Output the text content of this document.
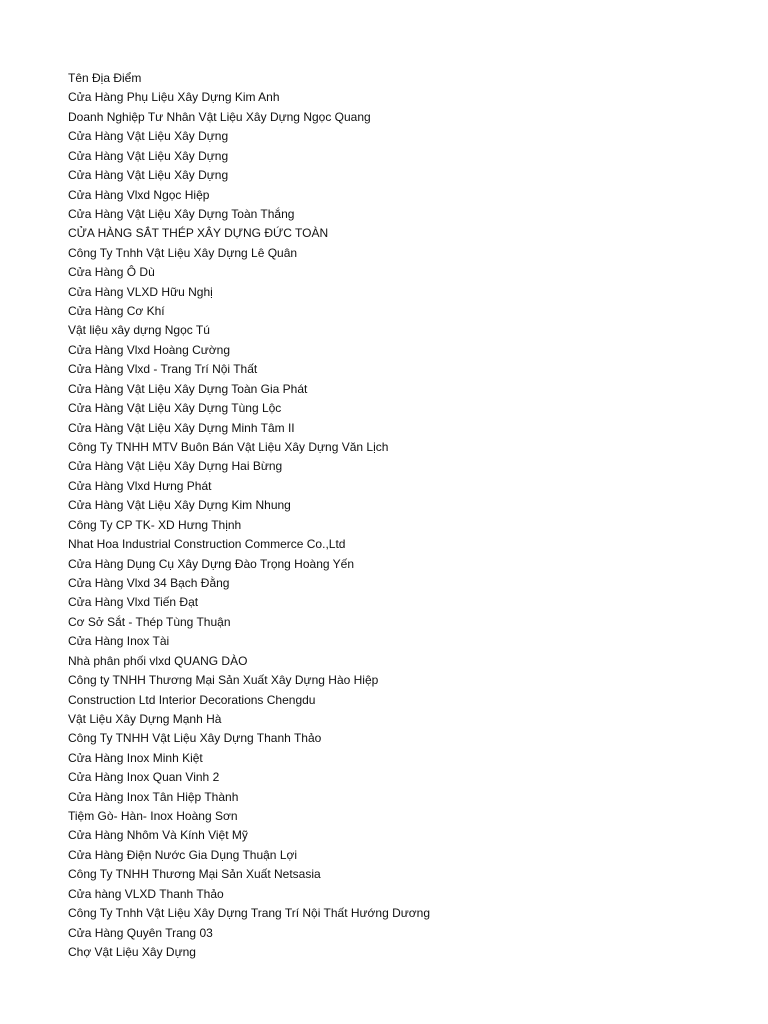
Tên Địa Điểm
Cửa Hàng Phụ Liệu Xây Dựng Kim Anh
Doanh Nghiệp Tư Nhân Vật Liệu Xây Dựng Ngọc Quang
Cửa Hàng Vật Liệu Xây Dựng
Cửa Hàng Vật Liệu Xây Dựng
Cửa Hàng Vật Liệu Xây Dựng
Cửa Hàng Vlxd Ngọc Hiệp
Cửa Hàng Vật Liệu Xây Dựng Toàn Thắng
CỬA HÀNG SẮT THÉP XÂY DỰNG ĐỨC TOÀN
Công Ty Tnhh Vật Liệu Xây Dựng Lê Quân
Cửa Hàng Ô Dù
Cửa Hàng VLXD Hữu Nghị
Cửa Hàng Cơ Khí
Vật liệu xây dựng Ngọc Tú
Cửa Hàng Vlxd Hoàng Cường
Cửa Hàng Vlxd - Trang Trí Nội Thất
Cửa Hàng Vật Liệu Xây Dựng Toàn Gia Phát
Cửa Hàng Vật Liệu Xây Dựng Tùng Lộc
Cửa Hàng Vật Liệu Xây Dựng Minh Tâm II
Công Ty TNHH MTV Buôn Bán Vật Liệu Xây Dựng Văn Lịch
Cửa Hàng Vật Liệu Xây Dựng Hai Bừng
Cửa Hàng Vlxd Hưng Phát
Cửa Hàng Vật Liệu Xây Dựng Kim Nhung
Công Ty CP TK- XD Hưng Thịnh
Nhat Hoa Industrial Construction Commerce Co.,Ltd
Cửa Hàng Dụng Cụ Xây Dựng Đào Trọng Hoàng Yến
Cửa Hàng Vlxd 34 Bạch Đằng
Cửa Hàng Vlxd Tiến Đạt
Cơ Sở Sắt - Thép Tùng Thuận
Cửa Hàng Inox Tài
Nhà phân phối vlxd QUANG DÀO
Công ty TNHH Thương Mại Sản Xuất Xây Dựng Hào Hiệp
Construction Ltd Interior Decorations Chengdu
Vật Liệu Xây Dựng Mạnh Hà
Công Ty TNHH Vật Liệu Xây Dựng Thanh Thảo
Cửa Hàng Inox Minh Kiệt
Cửa Hàng Inox Quan Vinh 2
Cửa Hàng Inox Tân Hiệp Thành
Tiệm Gò- Hàn- Inox Hoàng Sơn
Cửa Hàng Nhôm Và Kính Việt Mỹ
Cửa Hàng Điện Nước Gia Dụng Thuận Lợi
Công Ty TNHH Thương Mại Sản Xuất Netsasia
Cửa hàng VLXD Thanh Thảo
Công Ty Tnhh Vật Liệu Xây Dựng Trang Trí Nội Thất Hướng Dương
Cửa Hàng Quyên Trang 03
Chợ Vật Liệu Xây Dựng
